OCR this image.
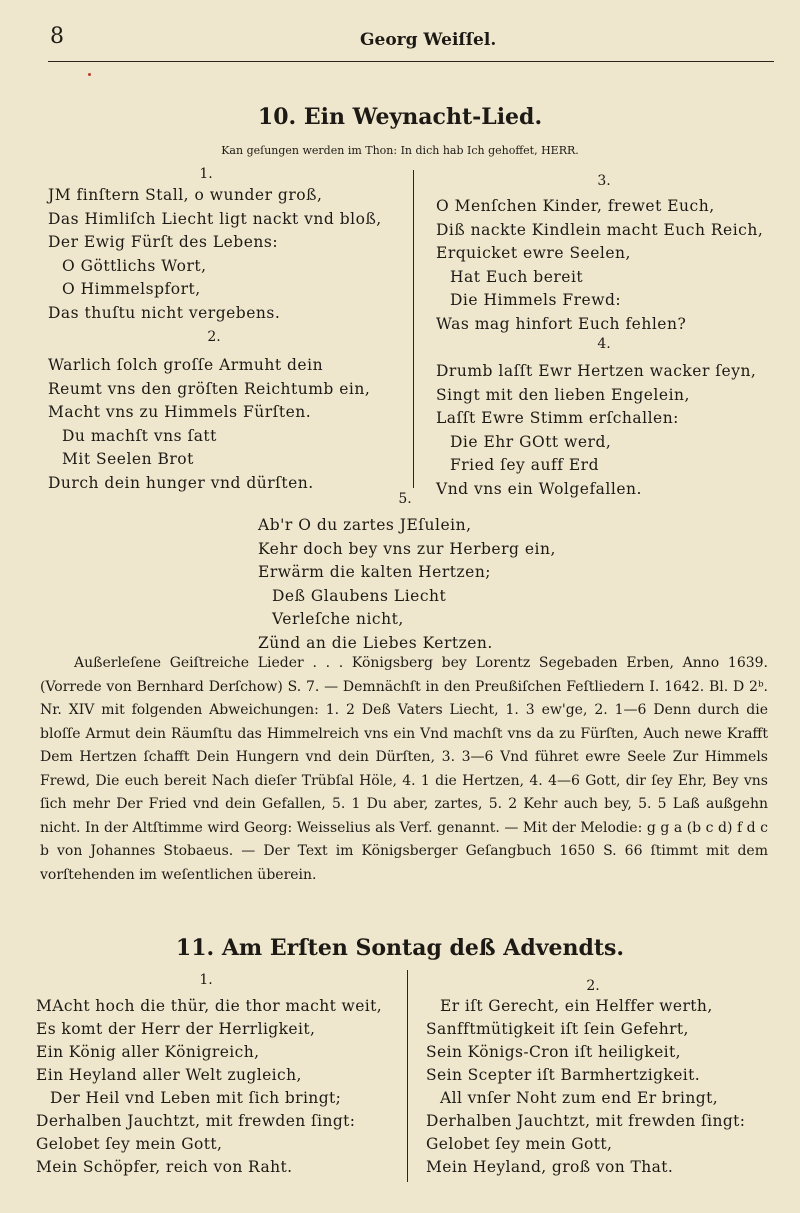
8	Georg Weiſſel.
10. Ein Weynacht-Lied.
Kan geſungen werden im Thon: In dich hab Ich gehoffet, HERR.
1.
JM finſtern Stall, o wunder groß,
Das Himliſch Liecht ligt nackt vnd bloß,
Der Ewig Fürſt des Lebens:
O Göttlichs Wort,
O Himmelspfort,
Das thuſtu nicht vergebens.
2.
Warlich ſolch groſſe Armuht dein
Reumt vns den gröſten Reichtumb ein,
Macht vns zu Himmels Fürſten.
Du machſt vns ſatt
Mit Seelen Brot
Durch dein hunger vnd dürſten.
3.
O Menſchen Kinder, frewet Euch,
Diß nackte Kindlein macht Euch Reich,
Erquicket ewre Seelen,
Hat Euch bereit
Die Himmels Frewd:
Was mag hinfort Euch fehlen?
4.
Drumb laſſt Ewr Hertzen wacker ſeyn,
Singt mit den lieben Engelein,
Laſſt Ewre Stimm erſchallen:
Die Ehr GOtt werd,
Fried ſey auff Erd
Vnd vns ein Wolgefallen.
5.
Ab'r O du zartes JEſulein,
Kehr doch bey vns zur Herberg ein,
Erwärm die kalten Hertzen;
Deß Glaubens Liecht
Verleſche nicht,
Zünd an die Liebes Kertzen.

Außerleſene Geiſtreiche Lieder . . . Königsberg bey Lorentz Segebaden Erben, Anno 1639. (Vorrede von Bernhard Derſchow) S. 7. — Demnächſt in den Preußiſchen Feſtliedern I. 1642. Bl. D 2ᵇ. Nr. XIV mit folgenden Abweichungen: 1. 2 Deß Vaters Liecht, 1. 3 ew'ge, 2. 1—6 Denn durch die bloſſe Armut dein Räumſtu das Himmelreich vns ein Vnd machſt vns da zu Fürſten, Auch newe Krafft Dem Hertzen ſchafft Dein Hungern vnd dein Dürſten, 3. 3—6 Vnd führet ewre Seele Zur Himmels Frewd, Die euch bereit Nach dieſer Trübſal Höle, 4. 1 die Hertzen, 4. 4—6 Gott, dir ſey Ehr, Bey vns ſich mehr Der Fried vnd dein Gefallen, 5. 1 Du aber, zartes, 5. 2 Kehr auch bey, 5. 5 Laß außgehn nicht. In der Altſtimme wird Georg: Weisselius als Verf. genannt. — Mit der Melodie: g g a (b c d) f d c b von Johannes Stobaeus. — Der Text im Königsberger Geſangbuch 1650 S. 66 ſtimmt mit dem vorſtehenden im weſentlichen überein.

11. Am Erſten Sontag deß Advendts.
1.
MAcht hoch die thür, die thor macht weit,
Es komt der Herr der Herrligkeit,
Ein König aller Königreich,
Ein Heyland aller Welt zugleich,
Der Heil vnd Leben mit ſich bringt;
Derhalben Jauchtzt, mit frewden ſingt:
Gelobet ſey mein Gott,
Mein Schöpfer, reich von Raht.
2.
Er iſt Gerecht, ein Helffer werth,
Sanfftmütigkeit iſt ſein Gefehrt,
Sein Königs-Cron iſt heiligkeit,
Sein Scepter iſt Barmhertzigkeit.
All vnſer Noht zum end Er bringt,
Derhalben Jauchtzt, mit frewden ſingt:
Gelobet ſey mein Gott,
Mein Heyland, groß von That.
